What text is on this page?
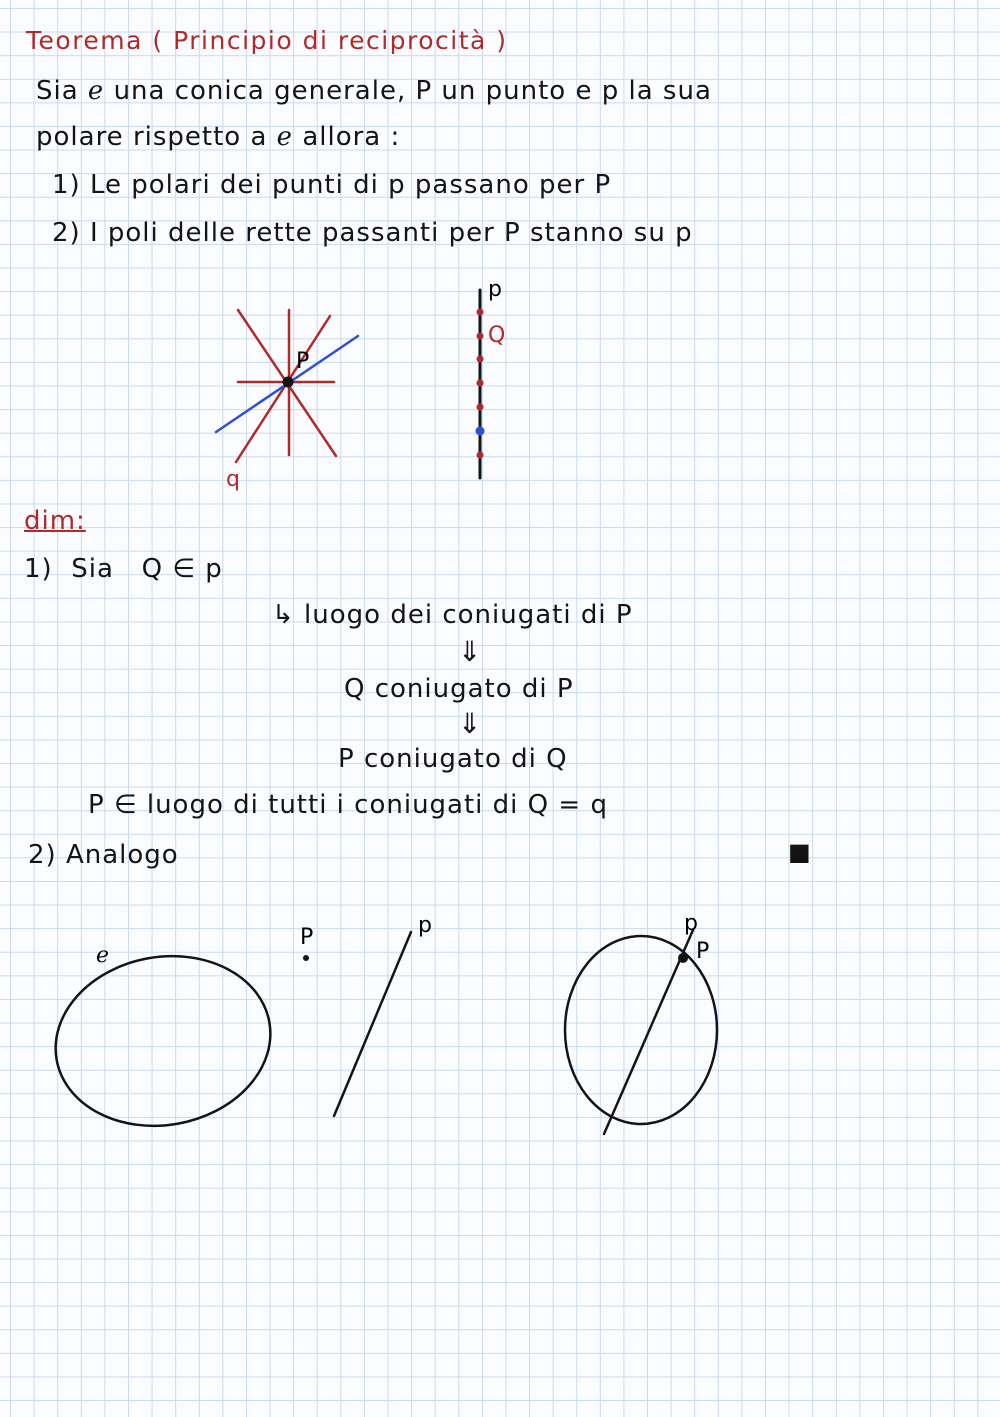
Teorema ( Principio di reciprocità )
Sia ℯ una conica generale, P un punto e p la sua
polare rispetto a ℯ allora :
1) Le polari dei punti di p passano per P
2) I poli delle rette passanti per P stanno su p
P
q
p
Q
dim:
1)  Sia   Q ∈ p
↳ luogo dei coniugati di P
⇓
Q coniugato di P
⇓
P coniugato di Q
P ∈ luogo di tutti i coniugati di Q = q
2) Analogo	■
ℯ
P	p	p
P
